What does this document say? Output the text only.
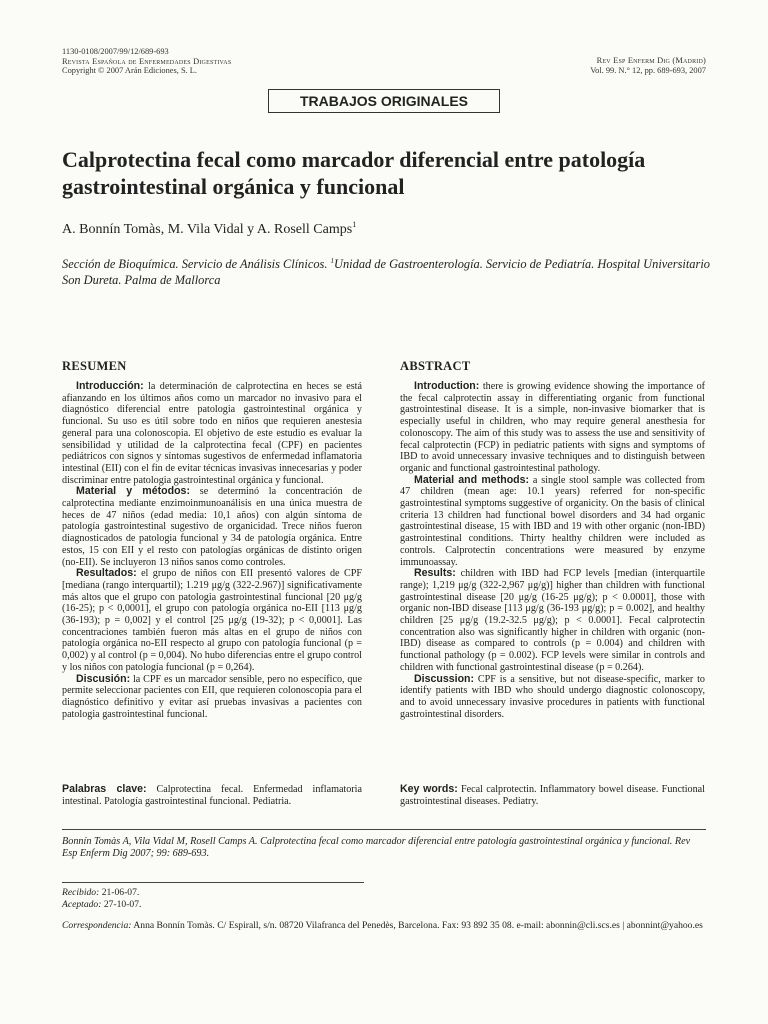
1130-0108/2007/99/12/689-693
Revista Española de Enfermedades Digestivas
Copyright © 2007 Arán Ediciones, S. L.
Rev Esp Enferm Dig (Madrid)
Vol. 99. N.° 12, pp. 689-693, 2007
TRABAJOS ORIGINALES
Calprotectina fecal como marcador diferencial entre patología gastrointestinal orgánica y funcional
A. Bonnín Tomàs, M. Vila Vidal y A. Rosell Camps$^1$
Sección de Bioquímica. Servicio de Análisis Clínicos. $^1$Unidad de Gastroenterología. Servicio de Pediatría. Hospital Universitario Son Dureta. Palma de Mallorca
RESUMEN

Introducción: la determinación de calprotectina en heces se está afianzando en los últimos años como un marcador no invasivo para el diagnóstico diferencial entre patologia gastrointestinal orgánica y funcional. Su uso es útil sobre todo en niños que requieren anestesia general para una colonoscopia. El objetivo de este estudio es evaluar la sensibilidad y utilidad de la calprotectina fecal (CPF) en pacientes pediátricos con signos y síntomas sugestivos de enfermedad inflamatoria intestinal (EII) con el fin de evitar técnicas invasivas innecesarias y poder discriminar entre patologia gastrointestinal orgánica y funcional.

Material y métodos: se determinó la concentración de calprotectina mediante enzimoinmunoanálisis en una única muestra de heces de 47 niños (edad media: 10,1 años) con algún síntoma de patología gastrointestinal sugestivo de organicidad. Trece niños fueron diagnosticados de patologia funcional y 34 de patología orgánica. Entre estos, 15 con EII y el resto con patologías orgánicas de distinto origen (no-EII). Se incluyeron 13 niños sanos como controles.

Resultados: el grupo de niños con EII presentó valores de CPF [mediana (rango interquartil); 1.219 μg/g (322-2.967)] significativamente más altos que el grupo con patologia gastrointestinal funcional [20 μg/g (16-25); p < 0,0001], el grupo con patología orgánica no-EII [113 μg/g (36-193); p = 0,002] y el control [25 μg/g (19-32); p < 0,0001]. Las concentraciones también fueron más altas en el grupo de niños con patología orgánica no-EII respecto al grupo con patología funcional (p = 0,002) y al control (p = 0,004). No hubo diferencias entre el grupo control y los niños con patología funcional (p = 0,264).

Discusión: la CPF es un marcador sensible, pero no específico, que permite seleccionar pacientes con EII, que requieren colonoscopia para el diagnóstico definitivo y evitar así pruebas invasivas a pacientes con patologia gastrointestinal funcional.

ABSTRACT

Introduction: there is growing evidence showing the importance of the fecal calprotectin assay in differentiating organic from functional gastrointestinal disease. It is a simple, non-invasive biomarker that is especially useful in children, who may require general anesthesia for colonoscopy. The aim of this study was to assess the use and sensitivity of fecal calprotectin (FCP) in pediatric patients with signs and symptoms of IBD to avoid unnecessary invasive techniques and to distinguish between organic and functional gastrointestinal pathology.

Material and methods: a single stool sample was collected from 47 children (mean age: 10.1 years) referred for non-specific gastrointestinal symptoms suggestive of organicity. On the basis of clinical criteria 13 children had functional bowel disorders and 34 had organic gastrointestinal disease, 15 with IBD and 19 with other organic (non-IBD) gastrointestinal conditions. Thirty healthy children were included as controls. Calprotectin concentrations were measured by enzyme immunoassay.

Results: children with IBD had FCP levels [median (interquartile range); 1,219 μg/g (322-2,967 μg/g)] higher than children with functional gastrointestinal disease [20 μg/g (16-25 μg/g); p < 0.0001], those with organic non-IBD disease [113 μg/g (36-193 μg/g); p = 0.002], and healthy children [25 μg/g (19.2-32.5 μg/g); p < 0.0001]. Fecal calprotectin concentration also was significantly higher in children with organic (non-IBD) disease as compared to controls (p = 0.004) and children with functional pathology (p = 0.002). FCP levels were similar in controls and children with functional gastrointestinal disease (p = 0.264).

Discussion: CPF is a sensitive, but not disease-specific, marker to identify patients with IBD who should undergo diagnostic colonoscopy, and to avoid unnecessary invasive procedures in patients with functional gastrointestinal disorders.

Palabras clave: Calprotectina fecal. Enfermedad inflamatoria intestinal. Patología gastrointestinal funcional. Pediatria.
Key words: Fecal calprotectin. Inflammatory bowel disease. Functional gastrointestinal diseases. Pediatry.
Bonnín Tomàs A, Vila Vidal M, Rosell Camps A. Calprotectina fecal como marcador diferencial entre patología gastrointestinal orgánica y funcional. Rev Esp Enferm Dig 2007; 99: 689-693.
Recibido: 21-06-07.
Aceptado: 27-10-07.
Correspondencia: Anna Bonnín Tomàs. C/ Espirall, s/n. 08720 Vilafranca del Penedès, Barcelona. Fax: 93 892 35 08. e-mail: abonnin@cli.scs.es | abonnint@yahoo.es
